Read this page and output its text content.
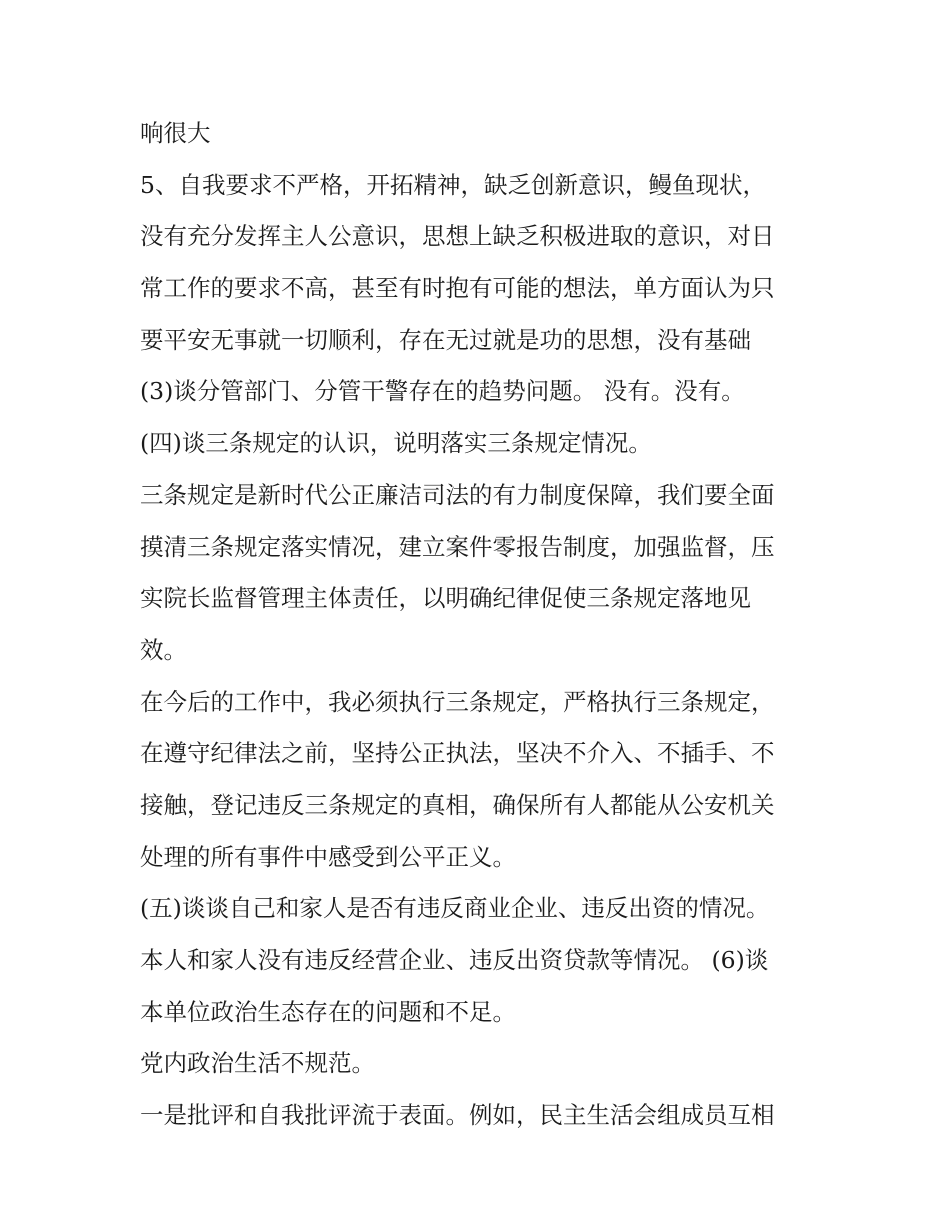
响很大
5、自我要求不严格，开拓精神，缺乏创新意识，鳗鱼现状，
没有充分发挥主人公意识，思想上缺乏积极进取的意识，对日
常工作的要求不高，甚至有时抱有可能的想法，单方面认为只
要平安无事就一切顺利，存在无过就是功的思想，没有基础
(3)谈分管部门、分管干警存在的趋势问题。 没有。没有。
(四)谈三条规定的认识，说明落实三条规定情况。
三条规定是新时代公正廉洁司法的有力制度保障，我们要全面
摸清三条规定落实情况，建立案件零报告制度，加强监督，压
实院长监督管理主体责任，以明确纪律促使三条规定落地见
效。
在今后的工作中，我必须执行三条规定，严格执行三条规定，
在遵守纪律法之前，坚持公正执法，坚决不介入、不插手、不
接触，登记违反三条规定的真相，确保所有人都能从公安机关
处理的所有事件中感受到公平正义。
(五)谈谈自己和家人是否有违反商业企业、违反出资的情况。
本人和家人没有违反经营企业、违反出资贷款等情况。 (6)谈
本单位政治生态存在的问题和不足。
党内政治生活不规范。
一是批评和自我批评流于表面。例如，民主生活会组成员互相
